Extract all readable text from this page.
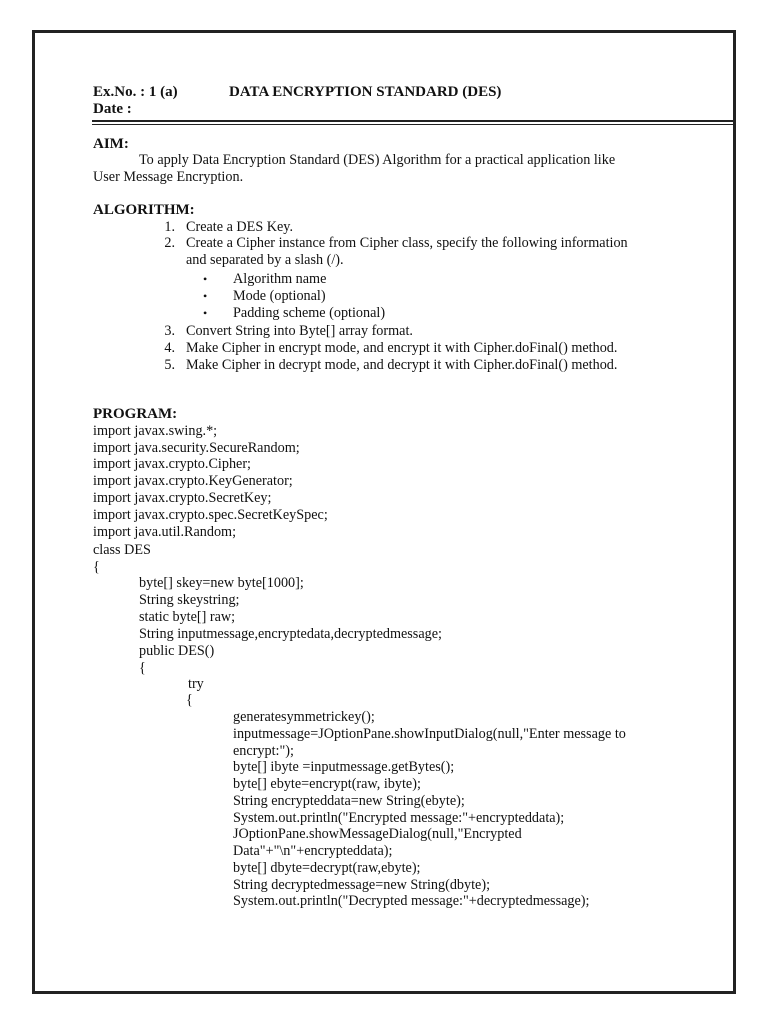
Ex.No. : 1 (a)	DATA ENCRYPTION STANDARD (DES)
Date :
AIM:
To apply Data Encryption Standard (DES) Algorithm for a practical application like
User Message Encryption.
ALGORITHM:
1. Create a DES Key.
2. Create a Cipher instance from Cipher class, specify the following information
and separated by a slash (/).
• Algorithm name
• Mode (optional)
• Padding scheme (optional)
3. Convert String into Byte[] array format.
4. Make Cipher in encrypt mode, and encrypt it with Cipher.doFinal() method.
5. Make Cipher in decrypt mode, and decrypt it with Cipher.doFinal() method.
PROGRAM:
import javax.swing.*;
import java.security.SecureRandom;
import javax.crypto.Cipher;
import javax.crypto.KeyGenerator;
import javax.crypto.SecretKey;
import javax.crypto.spec.SecretKeySpec;
import java.util.Random;
class DES
{
byte[] skey=new byte[1000];
String skeystring;
static byte[] raw;
String inputmessage,encryptedata,decryptedmessage;
public DES()
{
try
{
generatesymmetrickey();
inputmessage=JOptionPane.showInputDialog(null,"Enter message to
encrypt:");
byte[] ibyte =inputmessage.getBytes();
byte[] ebyte=encrypt(raw, ibyte);
String encrypteddata=new String(ebyte);
System.out.println("Encrypted message:"+encrypteddata);
JOptionPane.showMessageDialog(null,"Encrypted
Data"+"\n"+encrypteddata);
byte[] dbyte=decrypt(raw,ebyte);
String decryptedmessage=new String(dbyte);
System.out.println("Decrypted message:"+decryptedmessage);
